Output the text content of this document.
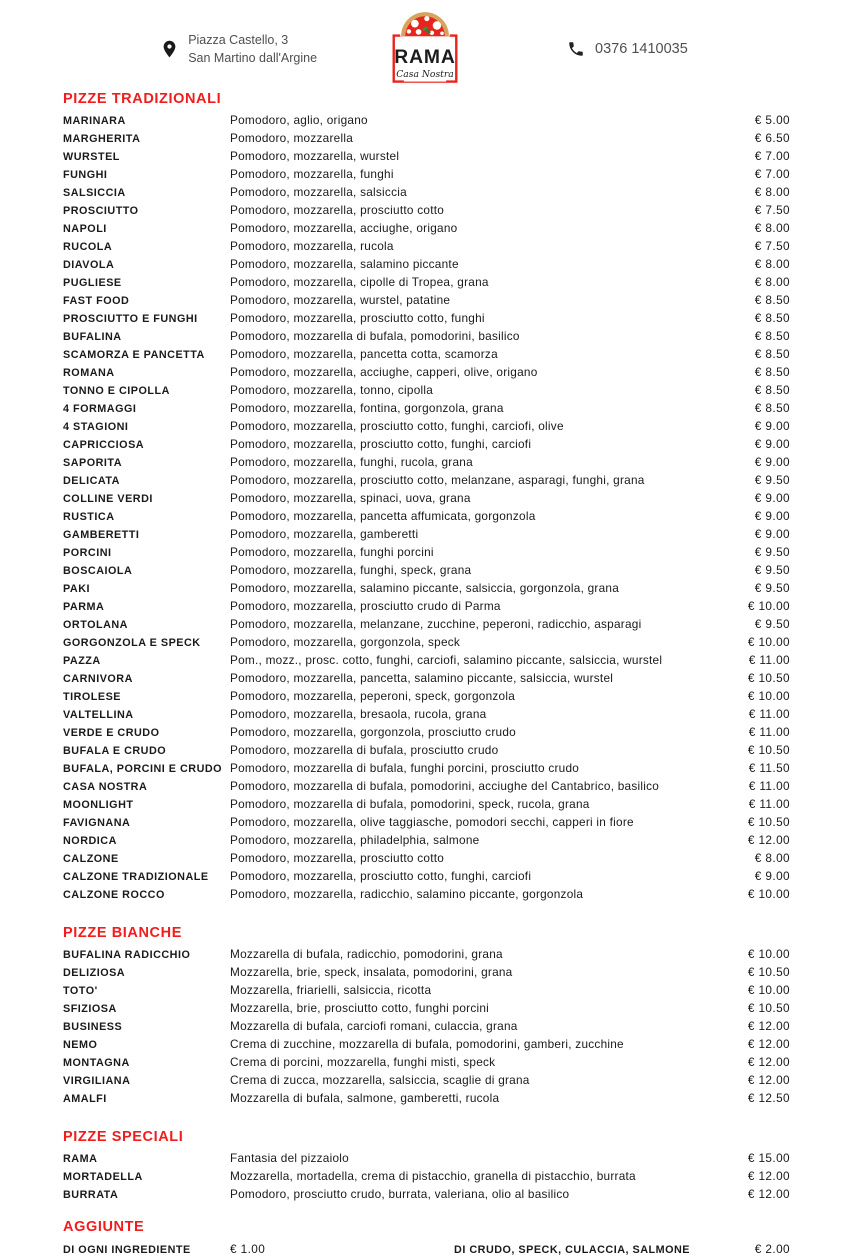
Piazza Castello, 3
San Martino dall'Argine	RAMA
Casa Nostra
0376 1410035
PIZZE TRADIZIONALI
MARINARA	Pomodoro, aglio, origano	€ 5.00
MARGHERITA	Pomodoro, mozzarella	€ 6.50
WURSTEL	Pomodoro, mozzarella, wurstel	€ 7.00
FUNGHI	Pomodoro, mozzarella, funghi	€ 7.00
SALSICCIA	Pomodoro, mozzarella, salsiccia	€ 8.00
PROSCIUTTO	Pomodoro, mozzarella, prosciutto cotto	€ 7.50
NAPOLI	Pomodoro, mozzarella, acciughe, origano	€ 8.00
RUCOLA	Pomodoro, mozzarella, rucola	€ 7.50
DIAVOLA	Pomodoro, mozzarella, salamino piccante	€ 8.00
PUGLIESE	Pomodoro, mozzarella, cipolle di Tropea, grana	€ 8.00
FAST FOOD	Pomodoro, mozzarella, wurstel, patatine	€ 8.50
PROSCIUTTO E FUNGHI	Pomodoro, mozzarella, prosciutto cotto, funghi	€ 8.50
BUFALINA	Pomodoro, mozzarella di bufala, pomodorini, basilico	€ 8.50
SCAMORZA E PANCETTA	Pomodoro, mozzarella, pancetta cotta, scamorza	€ 8.50
ROMANA	Pomodoro, mozzarella, acciughe, capperi, olive, origano	€ 8.50
TONNO E CIPOLLA	Pomodoro, mozzarella, tonno, cipolla	€ 8.50
4 FORMAGGI	Pomodoro, mozzarella, fontina, gorgonzola, grana	€ 8.50
4 STAGIONI	Pomodoro, mozzarella, prosciutto cotto, funghi, carciofi, olive	€ 9.00
CAPRICCIOSA	Pomodoro, mozzarella, prosciutto cotto, funghi, carciofi	€ 9.00
SAPORITA	Pomodoro, mozzarella, funghi, rucola, grana	€ 9.00
DELICATA	Pomodoro, mozzarella, prosciutto cotto, melanzane, asparagi, funghi, grana	€ 9.50
COLLINE VERDI	Pomodoro, mozzarella, spinaci, uova, grana	€ 9.00
RUSTICA	Pomodoro, mozzarella, pancetta affumicata, gorgonzola	€ 9.00
GAMBERETTI	Pomodoro, mozzarella, gamberetti	€ 9.00
PORCINI	Pomodoro, mozzarella, funghi porcini	€ 9.50
BOSCAIOLA	Pomodoro, mozzarella, funghi, speck, grana	€ 9.50
PAKI	Pomodoro, mozzarella, salamino piccante, salsiccia, gorgonzola, grana	€ 9.50
PARMA	Pomodoro, mozzarella, prosciutto crudo di Parma	€ 10.00
ORTOLANA	Pomodoro, mozzarella, melanzane, zucchine, peperoni, radicchio, asparagi	€ 9.50
GORGONZOLA E SPECK	Pomodoro, mozzarella, gorgonzola, speck	€ 10.00
PAZZA	Pom., mozz., prosc. cotto, funghi, carciofi, salamino piccante, salsiccia, wurstel	€ 11.00
CARNIVORA	Pomodoro, mozzarella, pancetta, salamino piccante, salsiccia, wurstel	€ 10.50
TIROLESE	Pomodoro, mozzarella, peperoni, speck, gorgonzola	€ 10.00
VALTELLINA	Pomodoro, mozzarella, bresaola, rucola, grana	€ 11.00
VERDE E CRUDO	Pomodoro, mozzarella, gorgonzola, prosciutto crudo	€ 11.00
BUFALA E CRUDO	Pomodoro, mozzarella di bufala, prosciutto crudo	€ 10.50
BUFALA, PORCINI E CRUDO Pomodoro, mozzarella di bufala, funghi porcini, prosciutto crudo	€ 11.50
CASA NOSTRA	Pomodoro, mozzarella di bufala, pomodorini, acciughe del Cantabrico, basilico	€ 11.00
MOONLIGHT	Pomodoro, mozzarella di bufala, pomodorini, speck, rucola, grana	€ 11.00
FAVIGNANA	Pomodoro, mozzarella, olive taggiasche, pomodori secchi, capperi in fiore	€ 10.50
NORDICA	Pomodoro, mozzarella, philadelphia, salmone	€ 12.00
CALZONE	Pomodoro, mozzarella, prosciutto cotto	€ 8.00
CALZONE TRADIZIONALE	Pomodoro, mozzarella, prosciutto cotto, funghi, carciofi	€ 9.00
CALZONE ROCCO	Pomodoro, mozzarella, radicchio, salamino piccante, gorgonzola	€ 10.00
PIZZE BIANCHE
BUFALINA RADICCHIO	Mozzarella di bufala, radicchio, pomodorini, grana	€ 10.00
DELIZIOSA	Mozzarella, brie, speck, insalata, pomodorini, grana	€ 10.50
TOTO'	Mozzarella, friarielli, salsiccia, ricotta	€ 10.00
SFIZIOSA	Mozzarella, brie, prosciutto cotto, funghi porcini	€ 10.50
BUSINESS	Mozzarella di bufala, carciofi romani, culaccia, grana	€ 12.00
NEMO	Crema di zucchine, mozzarella di bufala, pomodorini, gamberi, zucchine	€ 12.00
MONTAGNA	Crema di porcini, mozzarella, funghi misti, speck	€ 12.00
VIRGILIANA	Crema di zucca, mozzarella, salsiccia, scaglie di grana	€ 12.00
AMALFI	Mozzarella di bufala, salmone, gamberetti, rucola	€ 12.50
PIZZE SPECIALI
RAMA	Fantasia del pizzaiolo	€ 15.00
MORTADELLA	Mozzarella, mortadella, crema di pistacchio, granella di pistacchio, burrata	€ 12.00
BURRATA	Pomodoro, prosciutto crudo, burrata, valeriana, olio al basilico	€ 12.00
AGGIUNTE
DI OGNI INGREDIENTE	€ 1.00	DI CRUDO, SPECK, CULACCIA, SALMONE	€ 2.00
